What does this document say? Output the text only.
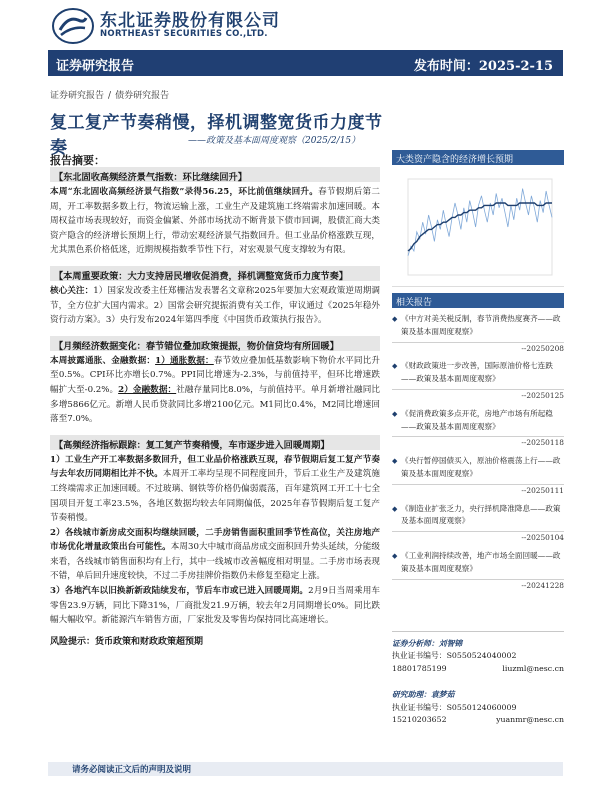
东北证券股份有限公司
NORTHEAST SECURITIES CO.,LTD.
证券研究报告	发布时间：2025-2-15
证券研究报告 / 债券研究报告
复工复产节奏稍慢，择机调整宽货币力度节奏	——政策及基本面周度观察（2025/2/15）
报告摘要：
【东北固收高频经济景气指数：环比继续回升】
本周“东北固收高频经济景气指数”录得56.25，环比前值继续回升。春节假期后第二周，开工率数据多数上行，物流运输上涨，工业生产及建筑施工终端需求加速回暖。本周权益市场表现较好，而资金偏紧、外部市场扰动不断背景下债市回调，股债汇商大类资产隐含的经济增长预期上行，带动宏观经济景气指数回升。但工业品价格涨跌互现，尤其黑色系价格低迷，近期规模指数季节性下行，对宏观景气度支撑较为有限。
【本周重要政策：大力支持居民增收促消费，择机调整宽货币力度节奏】
核心关注：1）国家发改委主任郑栅洁发表署名文章称2025年要加大宏观政策逆周期调节，全方位扩大国内需求。2）国常会研究提振消费有关工作，审议通过《2025年稳外资行动方案》。3）央行发布2024年第四季度《中国货币政策执行报告》。
【月频经济数据变化：春节错位叠加政策提振，物价信贷均有所回暖】
本周披露通胀、金融数据：1）通胀数据：春节效应叠加低基数影响下物价水平同比升至0.5%。CPI环比亦增长0.7%。PPI同比增速为-2.3%，与前值持平，但环比增速跌幅扩大至-0.2%。2）金融数据：社融存量同比8.0%，与前值持平。单月新增社融同比多增5866亿元。新增人民币贷款同比多增2100亿元。M1同比0.4%，M2同比增速回落至7.0%。
【高频经济指标跟踪：复工复产节奏稍慢，车市逐步进入回暖周期】
1）工业生产开工率数据多数回升，但工业品价格涨跌互现，春节假期后复工复产节奏与去年农历同期相比并不快。本周开工率均呈现不同程度回升，节后工业生产及建筑施工终端需求正加速回暖。不过玻璃、钢铁等价格仍偏弱震荡，百年建筑网工开工十七全国项目开复工率23.5%，各地区数据均较去年同期偏低，2025年春节假期后复工复产节奏稍慢。
2）各线城市新房成交面积均继续回暖，二手房销售面积重回季节性高位，关注房地产市场优化增量政策出台可能性。本周30大中城市商品房成交面积回升势头延续，分能级来看，各线城市销售面积均有上行，其中一线城市改善幅度相对明显。二手房市场表现不错，单后回升速度较快，不过二手房挂牌价指数仍未修复至稳定上涨。
3）各地汽车以旧换新新政陆续发布，节后车市或已进入回暖周期。2月9日当周乘用车零售23.9万辆，同比下降31%，厂商批发21.9万辆，较去年2月同期增长0%。同比跌幅大幅收窄。新能源汽车销售方面，厂家批发及零售均保持同比高速增长。
风险提示：货币政策和财政政策超预期
大类资产隐含的经济增长预期
相关报告
◆ 《中方对美关税反制，春节消费热度赛齐——政策及基本面周度观察》
--20250208
◆ 《财政政策进一步改善，国际原油价格七连跌——政策及基本面周度观察》
--20250125
◆ 《促消费政策多点开花，房地产市场有所起稳——政策及基本面周度观察》
--20250118
◆ 《央行暂停国债买入，原油价格震荡上行——政策及基本面周度观察》
--20250111
◆ 《制造业扩张乏力，央行择机降准降息——政策及基本面周度观察》
--20250104
◆ 《工业利润持续改善，地产市场全面回暖——政策及基本面周度观察》
--20241228
证券分析师：刘智锦
执业证书编号：S0550524040002
18801785199	liuzml@nesc.cn
研究助理：袁梦茹
执业证书编号：S0550124060009
15210203652	yuanmr@nesc.cn
请务必阅读正文后的声明及说明
